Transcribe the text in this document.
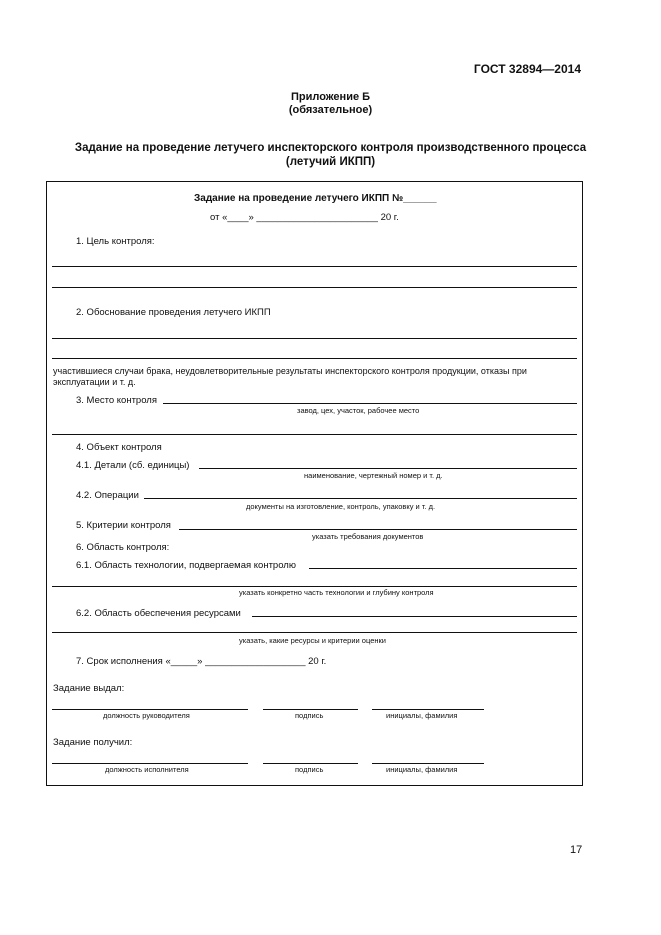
ГОСТ 32894—2014
Приложение Б
(обязательное)
Задание на проведение летучего инспекторского контроля производственного процесса
(летучий ИКПП)
Задание на проведение летучего ИКПП №______
от «____» _______________________ 20 г.
1. Цель контроля:
2. Обоснование проведения летучего ИКПП
участившиеся случаи брака, неудовлетворительные результаты инспекторского контроля продукции, отказы при
эксплуатации и т. д.
3. Место контроля
завод, цех, участок, рабочее место
4. Объект контроля
4.1. Детали (сб. единицы)
наименование, чертежный номер и т. д.
4.2. Операции
документы на изготовление, контроль, упаковку и т. д.
5. Критерии контроля
указать требования документов
6. Область контроля:
6.1. Область технологии, подвергаемая контролю
указать конкретно часть технологии и глубину контроля
6.2. Область обеспечения ресурсами
указать, какие ресурсы и критерии оценки
7. Срок исполнения «_____» ___________________ 20 г.
Задание выдал:
должность руководителя	подпись	инициалы, фамилия
Задание получил:
должность исполнителя	подпись	инициалы, фамилия
17
